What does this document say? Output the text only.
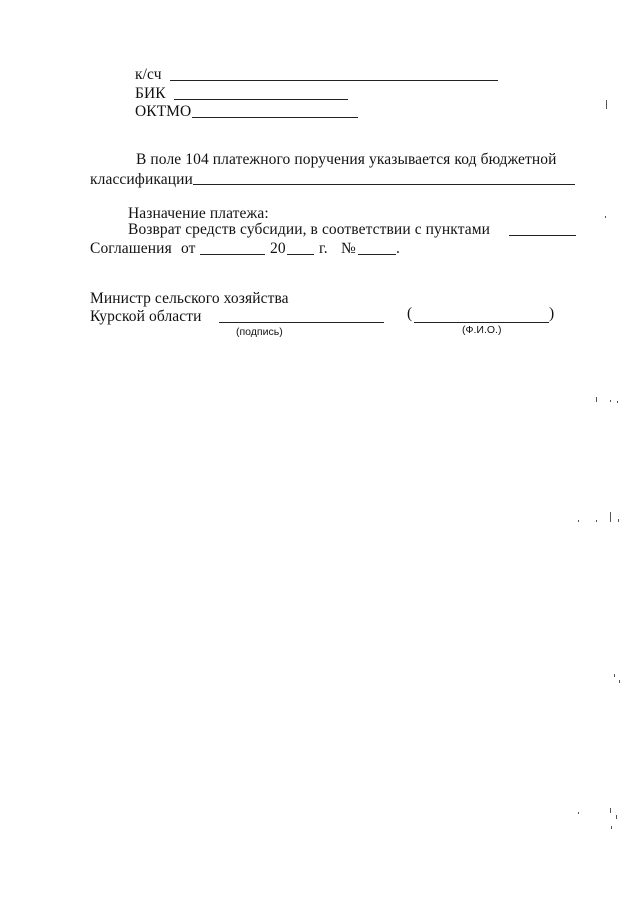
к/сч
БИК
ОКТМО
В поле 104 платежного поручения указывается код бюджетной
классификации
Назначение платежа:
Возврат средств субсидии, в соответствии с пунктами
Соглашения от	20 г. №	.
Министр сельского хозяйства
Курской области
(подпись)
(	)
(Ф.И.О.)
